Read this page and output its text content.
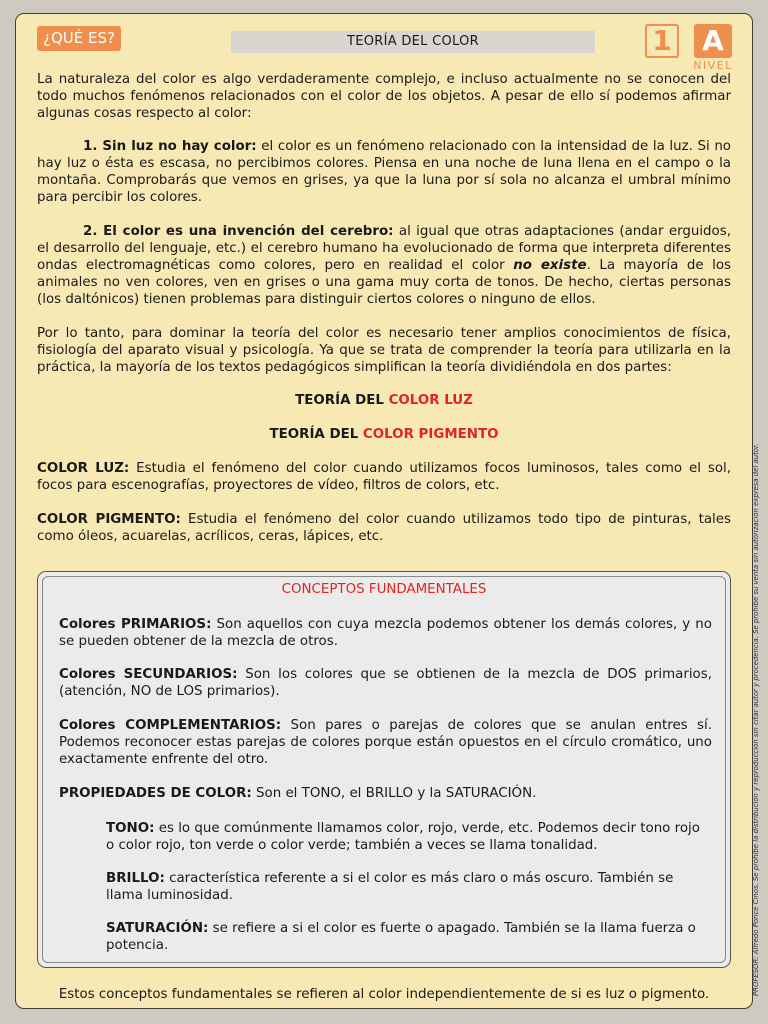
¿QUÉ ES?	TEORÍA DEL COLOR	1 A
NIVEL

La naturaleza del color es algo verdaderamente complejo, e incluso actualmente no se conocen del todo muchos fenómenos relacionados con el color de los objetos. A pesar de ello sí podemos afirmar algunas cosas respecto al color:

1. Sin luz no hay color: el color es un fenómeno relacionado con la intensidad de la luz. Si no hay luz o ésta es escasa, no percibimos colores. Piensa en una noche de luna llena en el campo o la montaña. Comprobarás que vemos en grises, ya que la luna por sí sola no alcanza el umbral mínimo para percibir los colores.

2. El color es una invención del cerebro: al igual que otras adaptaciones (andar erguidos, el desarrollo del lenguaje, etc.) el cerebro humano ha evolucionado de forma que interpreta diferentes ondas electromagnéticas como colores, pero en realidad el color no existe. La mayoría de los animales no ven colores, ven en grises o una gama muy corta de tonos. De hecho, ciertas personas (los daltónicos) tienen problemas para distinguir ciertos colores o ninguno de ellos.

Por lo tanto, para dominar la teoría del color es necesario tener amplios conocimientos de física, fisiología del aparato visual y psicología. Ya que se trata de comprender la teoría para utilizarla en la práctica, la mayoría de los textos pedagógicos simplifican la teoría dividiéndola en dos partes:

TEORÍA DEL COLOR LUZ
TEORÍA DEL COLOR PIGMENTO

COLOR LUZ: Estudia el fenómeno del color cuando utilizamos focos luminosos, tales como el sol, focos para escenografías, proyectores de vídeo, filtros de colors, etc.

COLOR PIGMENTO: Estudia el fenómeno del color cuando utilizamos todo tipo de pinturas, tales como óleos, acuarelas, acrílicos, ceras, lápices, etc.

CONCEPTOS FUNDAMENTALES

Colores PRIMARIOS: Son aquellos con cuya mezcla podemos obtener los demás colores, y no se pueden obtener de la mezcla de otros.

Colores SECUNDARIOS: Son los colores que se obtienen de la mezcla de DOS primarios, (atención, NO de LOS primarios).

Colores COMPLEMENTARIOS: Son pares o parejas de colores que se anulan entres sí. Podemos reconocer estas parejas de colores porque están opuestos en el círculo cromático, uno exactamente enfrente del otro.

PROPIEDADES DE COLOR: Son el TONO, el BRILLO y la SATURACIÓN.

TONO: es lo que comúnmente llamamos color, rojo, verde, etc. Podemos decir tono rojo o color rojo, ton verde o color verde; también a veces se llama tonalidad.

BRILLO: característica referente a si el color es más claro o más oscuro. También se llama luminosidad.

SATURACIÓN: se refiere a si el color es fuerte o apagado. También se la llama fuerza o potencia.

Estos conceptos fundamentales se refieren al color independientemente de si es luz o pigmento.	PROFESOR: Alfredo Ponce Cinos. Se prohíbe la distribución y reproducción sin citar autor y procedencia. Se prohíbe su venta sin autorización expresa del autor.
